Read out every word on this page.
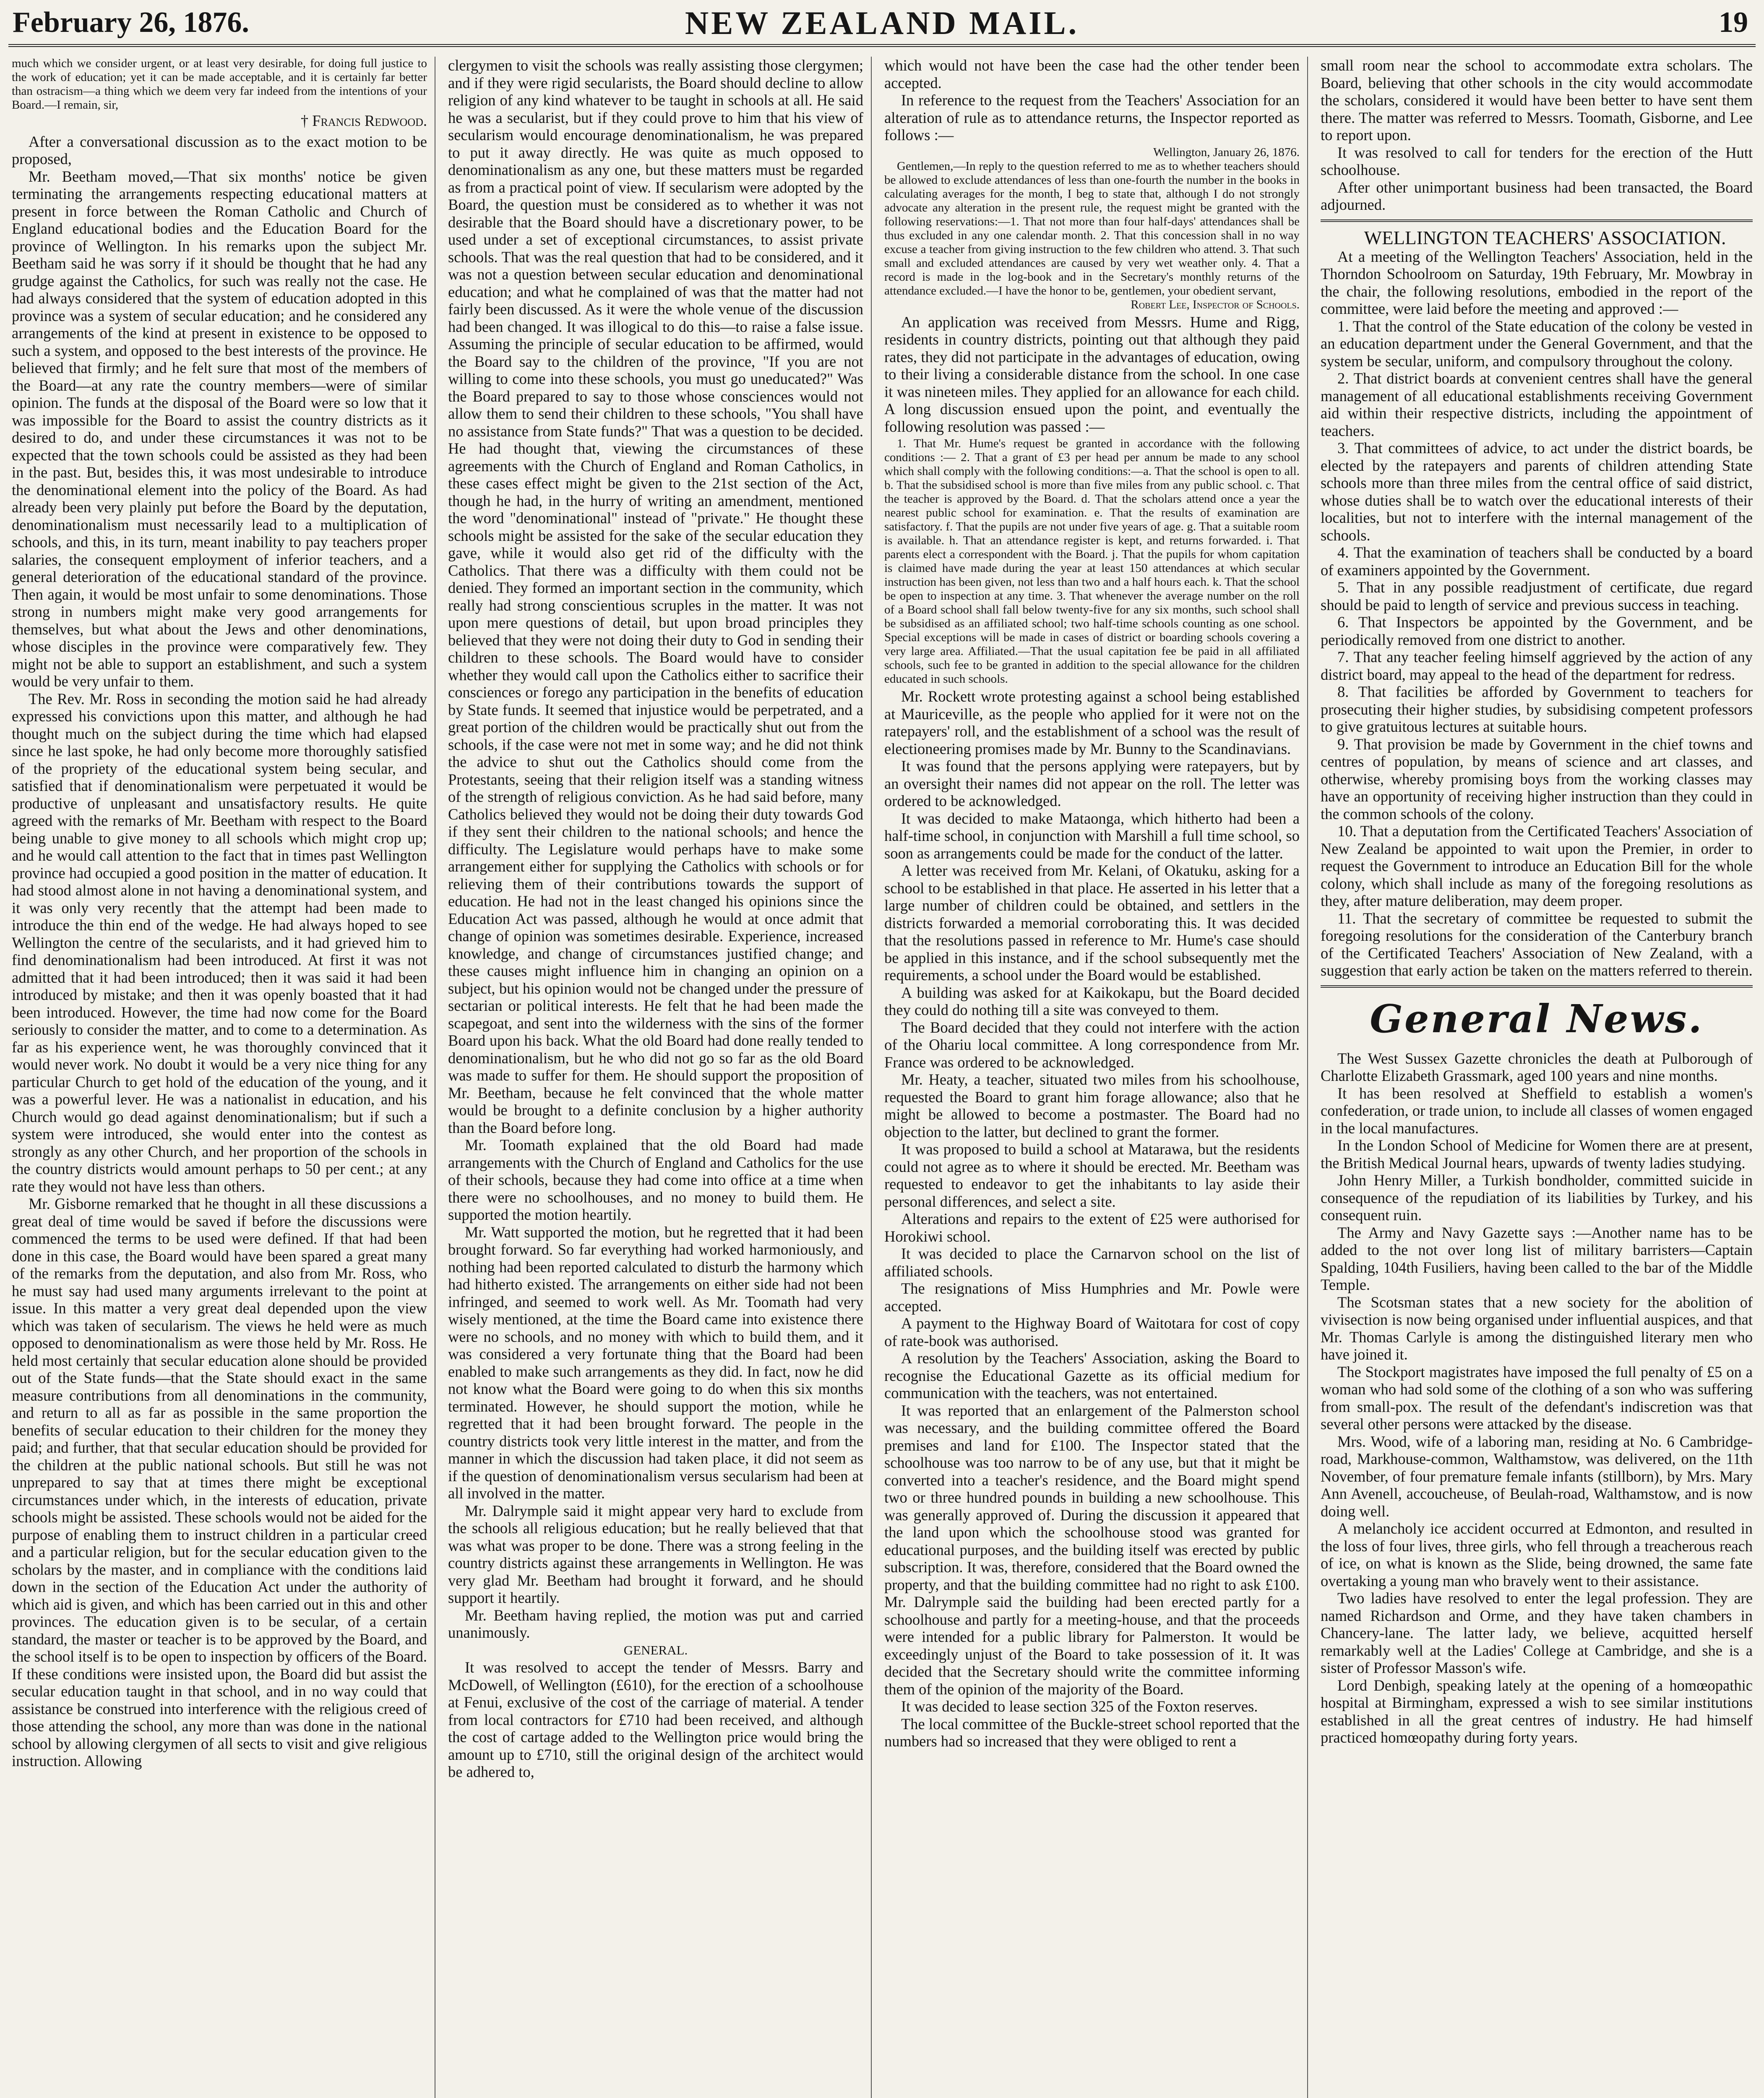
February 26, 1876.	NEW ZEALAND MAIL.	19

much which we consider urgent, or at least very desirable, for doing full justice to the work of education; yet it can be made acceptable, and it is certainly far better than ostracism—a thing which we deem very far indeed from the intentions of your Board.—I remain, sir,

† Francis Redwood.

After a conversational discussion as to the exact motion to be proposed,

Mr. Beetham moved,—That six months' notice be given terminating the arrangements respecting educational matters at present in force between the Roman Catholic and Church of England educational bodies and the Education Board for the province of Wellington. In his remarks upon the subject Mr. Beetham said he was sorry if it should be thought that he had any grudge against the Catholics, for such was really not the case. He had always considered that the system of education adopted in this province was a system of secular education; and he considered any arrangements of the kind at present in existence to be opposed to such a system, and opposed to the best interests of the province. He believed that firmly; and he felt sure that most of the members of the Board—at any rate the country members—were of similar opinion. The funds at the disposal of the Board were so low that it was impossible for the Board to assist the country districts as it desired to do, and under these circumstances it was not to be expected that the town schools could be assisted as they had been in the past. But, besides this, it was most undesirable to introduce the denominational element into the policy of the Board. As had already been very plainly put before the Board by the deputation, denominationalism must necessarily lead to a multiplication of schools, and this, in its turn, meant inability to pay teachers proper salaries, the consequent employment of inferior teachers, and a general deterioration of the educational standard of the province. Then again, it would be most unfair to some denominations. Those strong in numbers might make very good arrangements for themselves, but what about the Jews and other denominations, whose disciples in the province were comparatively few. They might not be able to support an establishment, and such a system would be very unfair to them.

The Rev. Mr. Ross in seconding the motion said he had already expressed his convictions upon this matter, and although he had thought much on the subject during the time which had elapsed since he last spoke, he had only become more thoroughly satisfied of the propriety of the educational system being secular, and satisfied that if denominationalism were perpetuated it would be productive of unpleasant and unsatisfactory results. He quite agreed with the remarks of Mr. Beetham with respect to the Board being unable to give money to all schools which might crop up; and he would call attention to the fact that in times past Wellington province had occupied a good position in the matter of education. It had stood almost alone in not having a denominational system, and it was only very recently that the attempt had been made to introduce the thin end of the wedge. He had always hoped to see Wellington the centre of the secularists, and it had grieved him to find denominationalism had been introduced. At first it was not admitted that it had been introduced; then it was said it had been introduced by mistake; and then it was openly boasted that it had been introduced. However, the time had now come for the Board seriously to consider the matter, and to come to a determination. As far as his experience went, he was thoroughly convinced that it would never work. No doubt it would be a very nice thing for any particular Church to get hold of the education of the young, and it was a powerful lever. He was a nationalist in education, and his Church would go dead against denominationalism; but if such a system were introduced, she would enter into the contest as strongly as any other Church, and her proportion of the schools in the country districts would amount perhaps to 50 per cent.; at any rate they would not have less than others.

Mr. Gisborne remarked that he thought in all these discussions a great deal of time would be saved if before the discussions were commenced the terms to be used were defined. If that had been done in this case, the Board would have been spared a great many of the remarks from the deputation, and also from Mr. Ross, who he must say had used many arguments irrelevant to the point at issue. In this matter a very great deal depended upon the view which was taken of secularism. The views he held were as much opposed to denominationalism as were those held by Mr. Ross. He held most certainly that secular education alone should be provided out of the State funds—that the State should exact in the same measure contributions from all denominations in the community, and return to all as far as possible in the same proportion the benefits of secular education to their children for the money they paid; and further, that that secular education should be provided for the children at the public national schools. But still he was not unprepared to say that at times there might be exceptional circumstances under which, in the interests of education, private schools might be assisted. These schools would not be aided for the purpose of enabling them to instruct children in a particular creed and a particular religion, but for the secular education given to the scholars by the master, and in compliance with the conditions laid down in the section of the Education Act under the authority of which aid is given, and which has been carried out in this and other provinces. The education given is to be secular, of a certain standard, the master or teacher is to be approved by the Board, and the school itself is to be open to inspection by officers of the Board. If these conditions were insisted upon, the Board did but assist the secular education taught in that school, and in no way could that assistance be construed into interference with the religious creed of those attending the school, any more than was done in the national school by allowing clergymen of all sects to visit and give religious instruction. Allowing

clergymen to visit the schools was really assisting those clergymen; and if they were rigid secularists, the Board should decline to allow religion of any kind whatever to be taught in schools at all. He said he was a secularist, but if they could prove to him that his view of secularism would encourage denominationalism, he was prepared to put it away directly. He was quite as much opposed to denominationalism as any one, but these matters must be regarded as from a practical point of view. If secularism were adopted by the Board, the question must be considered as to whether it was not desirable that the Board should have a discretionary power, to be used under a set of exceptional circumstances, to assist private schools. That was the real question that had to be considered, and it was not a question between secular education and denominational education; and what he complained of was that the matter had not fairly been discussed. As it were the whole venue of the discussion had been changed. It was illogical to do this—to raise a false issue. Assuming the principle of secular education to be affirmed, would the Board say to the children of the province, "If you are not willing to come into these schools, you must go uneducated?" Was the Board prepared to say to those whose consciences would not allow them to send their children to these schools, "You shall have no assistance from State funds?" That was a question to be decided. He had thought that, viewing the circumstances of these agreements with the Church of England and Roman Catholics, in these cases effect might be given to the 21st section of the Act, though he had, in the hurry of writing an amendment, mentioned the word "denominational" instead of "private." He thought these schools might be assisted for the sake of the secular education they gave, while it would also get rid of the difficulty with the Catholics. That there was a difficulty with them could not be denied. They formed an important section in the community, which really had strong conscientious scruples in the matter. It was not upon mere questions of detail, but upon broad principles they believed that they were not doing their duty to God in sending their children to these schools. The Board would have to consider whether they would call upon the Catholics either to sacrifice their consciences or forego any participation in the benefits of education by State funds. It seemed that injustice would be perpetrated, and a great portion of the children would be practically shut out from the schools, if the case were not met in some way; and he did not think the advice to shut out the Catholics should come from the Protestants, seeing that their religion itself was a standing witness of the strength of religious conviction. As he had said before, many Catholics believed they would not be doing their duty towards God if they sent their children to the national schools; and hence the difficulty. The Legislature would perhaps have to make some arrangement either for supplying the Catholics with schools or for relieving them of their contributions towards the support of education. He had not in the least changed his opinions since the Education Act was passed, although he would at once admit that change of opinion was sometimes desirable. Experience, increased knowledge, and change of circumstances justified change; and these causes might influence him in changing an opinion on a subject, but his opinion would not be changed under the pressure of sectarian or political interests. He felt that he had been made the scapegoat, and sent into the wilderness with the sins of the former Board upon his back. What the old Board had done really tended to denominationalism, but he who did not go so far as the old Board was made to suffer for them. He should support the proposition of Mr. Beetham, because he felt convinced that the whole matter would be brought to a definite conclusion by a higher authority than the Board before long.

Mr. Toomath explained that the old Board had made arrangements with the Church of England and Catholics for the use of their schools, because they had come into office at a time when there were no schoolhouses, and no money to build them. He supported the motion heartily.

Mr. Watt supported the motion, but he regretted that it had been brought forward. So far everything had worked harmoniously, and nothing had been reported calculated to disturb the harmony which had hitherto existed. The arrangements on either side had not been infringed, and seemed to work well. As Mr. Toomath had very wisely mentioned, at the time the Board came into existence there were no schools, and no money with which to build them, and it was considered a very fortunate thing that the Board had been enabled to make such arrangements as they did. In fact, now he did not know what the Board were going to do when this six months terminated. However, he should support the motion, while he regretted that it had been brought forward. The people in the country districts took very little interest in the matter, and from the manner in which the discussion had taken place, it did not seem as if the question of denominationalism versus secularism had been at all involved in the matter.

Mr. Dalrymple said it might appear very hard to exclude from the schools all religious education; but he really believed that that was what was proper to be done. There was a strong feeling in the country districts against these arrangements in Wellington. He was very glad Mr. Beetham had brought it forward, and he should support it heartily.

Mr. Beetham having replied, the motion was put and carried unanimously.

GENERAL.

It was resolved to accept the tender of Messrs. Barry and McDowell, of Wellington (£610), for the erection of a schoolhouse at Fenui, exclusive of the cost of the carriage of material. A tender from local contractors for £710 had been received, and although the cost of cartage added to the Wellington price would bring the amount up to £710, still the original design of the architect would be adhered to,

which would not have been the case had the other tender been accepted.

In reference to the request from the Teachers' Association for an alteration of rule as to attendance returns, the Inspector reported as follows :—

Wellington, January 26, 1876.

Gentlemen,—In reply to the question referred to me as to whether teachers should be allowed to exclude attendances of less than one-fourth the number in the books in calculating averages for the month, I beg to state that, although I do not strongly advocate any alteration in the present rule, the request might be granted with the following reservations:—1. That not more than four half-days' attendances shall be thus excluded in any one calendar month. 2. That this concession shall in no way excuse a teacher from giving instruction to the few children who attend. 3. That such small and excluded attendances are caused by very wet weather only. 4. That a record is made in the log-book and in the Secretary's monthly returns of the attendance excluded.—I have the honor to be, gentlemen, your obedient servant,

Robert Lee, Inspector of Schools.

An application was received from Messrs. Hume and Rigg, residents in country districts, pointing out that although they paid rates, they did not participate in the advantages of education, owing to their living a considerable distance from the school. In one case it was nineteen miles. They applied for an allowance for each child. A long discussion ensued upon the point, and eventually the following resolution was passed :—

1. That Mr. Hume's request be granted in accordance with the following conditions :— 2. That a grant of £3 per head per annum be made to any school which shall comply with the following conditions:—a. That the school is open to all. b. That the subsidised school is more than five miles from any public school. c. That the teacher is approved by the Board. d. That the scholars attend once a year the nearest public school for examination. e. That the results of examination are satisfactory. f. That the pupils are not under five years of age. g. That a suitable room is available. h. That an attendance register is kept, and returns forwarded. i. That parents elect a correspondent with the Board. j. That the pupils for whom capitation is claimed have made during the year at least 150 attendances at which secular instruction has been given, not less than two and a half hours each. k. That the school be open to inspection at any time. 3. That whenever the average number on the roll of a Board school shall fall below twenty-five for any six months, such school shall be subsidised as an affiliated school; two half-time schools counting as one school. Special exceptions will be made in cases of district or boarding schools covering a very large area. Affiliated.—That the usual capitation fee be paid in all affiliated schools, such fee to be granted in addition to the special allowance for the children educated in such schools.

Mr. Rockett wrote protesting against a school being established at Mauriceville, as the people who applied for it were not on the ratepayers' roll, and the establishment of a school was the result of electioneering promises made by Mr. Bunny to the Scandinavians.

It was found that the persons applying were ratepayers, but by an oversight their names did not appear on the roll. The letter was ordered to be acknowledged.

It was decided to make Mataonga, which hitherto had been a half-time school, in conjunction with Marshill a full time school, so soon as arrangements could be made for the conduct of the latter.

A letter was received from Mr. Kelani, of Okatuku, asking for a school to be established in that place. He asserted in his letter that a large number of children could be obtained, and settlers in the districts forwarded a memorial corroborating this. It was decided that the resolutions passed in reference to Mr. Hume's case should be applied in this instance, and if the school subsequently met the requirements, a school under the Board would be established.

A building was asked for at Kaikokapu, but the Board decided they could do nothing till a site was conveyed to them.

The Board decided that they could not interfere with the action of the Ohariu local committee. A long correspondence from Mr. France was ordered to be acknowledged.

Mr. Heaty, a teacher, situated two miles from his schoolhouse, requested the Board to grant him forage allowance; also that he might be allowed to become a postmaster. The Board had no objection to the latter, but declined to grant the former.

It was proposed to build a school at Matarawa, but the residents could not agree as to where it should be erected. Mr. Beetham was requested to endeavor to get the inhabitants to lay aside their personal differences, and select a site.

Alterations and repairs to the extent of £25 were authorised for Horokiwi school.

It was decided to place the Carnarvon school on the list of affiliated schools.

The resignations of Miss Humphries and Mr. Powle were accepted.

A payment to the Highway Board of Waitotara for cost of copy of rate-book was authorised.

A resolution by the Teachers' Association, asking the Board to recognise the Educational Gazette as its official medium for communication with the teachers, was not entertained.

It was reported that an enlargement of the Palmerston school was necessary, and the building committee offered the Board premises and land for £100. The Inspector stated that the schoolhouse was too narrow to be of any use, but that it might be converted into a teacher's residence, and the Board might spend two or three hundred pounds in building a new schoolhouse. This was generally approved of. During the discussion it appeared that the land upon which the schoolhouse stood was granted for educational purposes, and the building itself was erected by public subscription. It was, therefore, considered that the Board owned the property, and that the building committee had no right to ask £100. Mr. Dalrymple said the building had been erected partly for a schoolhouse and partly for a meeting-house, and that the proceeds were intended for a public library for Palmerston. It would be exceedingly unjust of the Board to take possession of it. It was decided that the Secretary should write the committee informing them of the opinion of the majority of the Board.

It was decided to lease section 325 of the Foxton reserves.

The local committee of the Buckle-street school reported that the numbers had so increased that they were obliged to rent a

small room near the school to accommodate extra scholars. The Board, believing that other schools in the city would accommodate the scholars, considered it would have been better to have sent them there. The matter was referred to Messrs. Toomath, Gisborne, and Lee to report upon.

It was resolved to call for tenders for the erection of the Hutt schoolhouse.

After other unimportant business had been transacted, the Board adjourned.

WELLINGTON TEACHERS' ASSOCIATION.

At a meeting of the Wellington Teachers' Association, held in the Thorndon Schoolroom on Saturday, 19th February, Mr. Mowbray in the chair, the following resolutions, embodied in the report of the committee, were laid before the meeting and approved :—

1. That the control of the State education of the colony be vested in an education department under the General Government, and that the system be secular, uniform, and compulsory throughout the colony.

2. That district boards at convenient centres shall have the general management of all educational establishments receiving Government aid within their respective districts, including the appointment of teachers.

3. That committees of advice, to act under the district boards, be elected by the ratepayers and parents of children attending State schools more than three miles from the central office of said district, whose duties shall be to watch over the educational interests of their localities, but not to interfere with the internal management of the schools.

4. That the examination of teachers shall be conducted by a board of examiners appointed by the Government.

5. That in any possible readjustment of certificate, due regard should be paid to length of service and previous success in teaching.

6. That Inspectors be appointed by the Government, and be periodically removed from one district to another.

7. That any teacher feeling himself aggrieved by the action of any district board, may appeal to the head of the department for redress.

8. That facilities be afforded by Government to teachers for prosecuting their higher studies, by subsidising competent professors to give gratuitous lectures at suitable hours.

9. That provision be made by Government in the chief towns and centres of population, by means of science and art classes, and otherwise, whereby promising boys from the working classes may have an opportunity of receiving higher instruction than they could in the common schools of the colony.

10. That a deputation from the Certificated Teachers' Association of New Zealand be appointed to wait upon the Premier, in order to request the Government to introduce an Education Bill for the whole colony, which shall include as many of the foregoing resolutions as they, after mature deliberation, may deem proper.

11. That the secretary of committee be requested to submit the foregoing resolutions for the consideration of the Canterbury branch of the Certificated Teachers' Association of New Zealand, with a suggestion that early action be taken on the matters referred to therein.

General News.

The West Sussex Gazette chronicles the death at Pulborough of Charlotte Elizabeth Grassmark, aged 100 years and nine months.

It has been resolved at Sheffield to establish a women's confederation, or trade union, to include all classes of women engaged in the local manufactures.

In the London School of Medicine for Women there are at present, the British Medical Journal hears, upwards of twenty ladies studying.

John Henry Miller, a Turkish bondholder, committed suicide in consequence of the repudiation of its liabilities by Turkey, and his consequent ruin.

The Army and Navy Gazette says :—Another name has to be added to the not over long list of military barristers—Captain Spalding, 104th Fusiliers, having been called to the bar of the Middle Temple.

The Scotsman states that a new society for the abolition of vivisection is now being organised under influential auspices, and that Mr. Thomas Carlyle is among the distinguished literary men who have joined it.

The Stockport magistrates have imposed the full penalty of £5 on a woman who had sold some of the clothing of a son who was suffering from small-pox. The result of the defendant's indiscretion was that several other persons were attacked by the disease.

Mrs. Wood, wife of a laboring man, residing at No. 6 Cambridge-road, Markhouse-common, Walthamstow, was delivered, on the 11th November, of four premature female infants (stillborn), by Mrs. Mary Ann Avenell, accoucheuse, of Beulah-road, Walthamstow, and is now doing well.

A melancholy ice accident occurred at Edmonton, and resulted in the loss of four lives, three girls, who fell through a treacherous reach of ice, on what is known as the Slide, being drowned, the same fate overtaking a young man who bravely went to their assistance.

Two ladies have resolved to enter the legal profession. They are named Richardson and Orme, and they have taken chambers in Chancery-lane. The latter lady, we believe, acquitted herself remarkably well at the Ladies' College at Cambridge, and she is a sister of Professor Masson's wife.

Lord Denbigh, speaking lately at the opening of a homœopathic hospital at Birmingham, expressed a wish to see similar institutions established in all the great centres of industry. He had himself practiced homœopathy during forty years.
